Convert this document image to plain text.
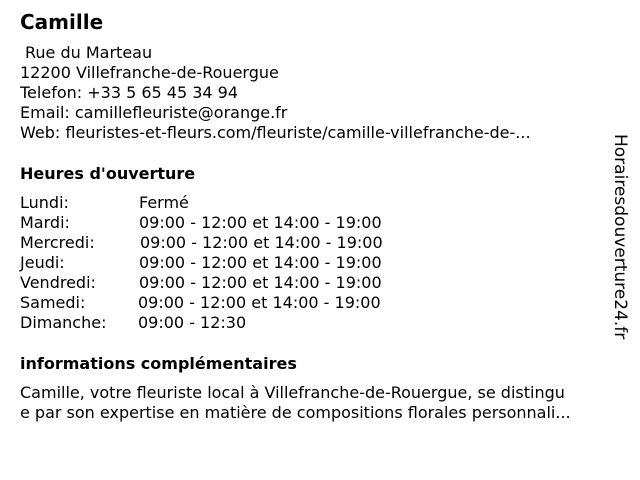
Camille
Rue du Marteau
12200 Villefranche-de-Rouergue
Telefon: +33 5 65 45 34 94
Email: camillefleuriste@orange.fr
Web: fleuristes-et-fleurs.com/fleuriste/camille-villefranche-de-...
Heures d'ouverture
Lundi:	Fermé
Mardi:	09:00 - 12:00 et 14:00 - 19:00
Mercredi:	09:00 - 12:00 et 14:00 - 19:00
Jeudi:	09:00 - 12:00 et 14:00 - 19:00
Vendredi:	09:00 - 12:00 et 14:00 - 19:00
Samedi:	09:00 - 12:00 et 14:00 - 19:00
Dimanche: 09:00 - 12:30
informations complémentaires
Camille, votre fleuriste local à Villefranche-de-Rouergue, se distingu
e par son expertise en matière de compositions florales personnali...
Horairesdouverture24.fr
